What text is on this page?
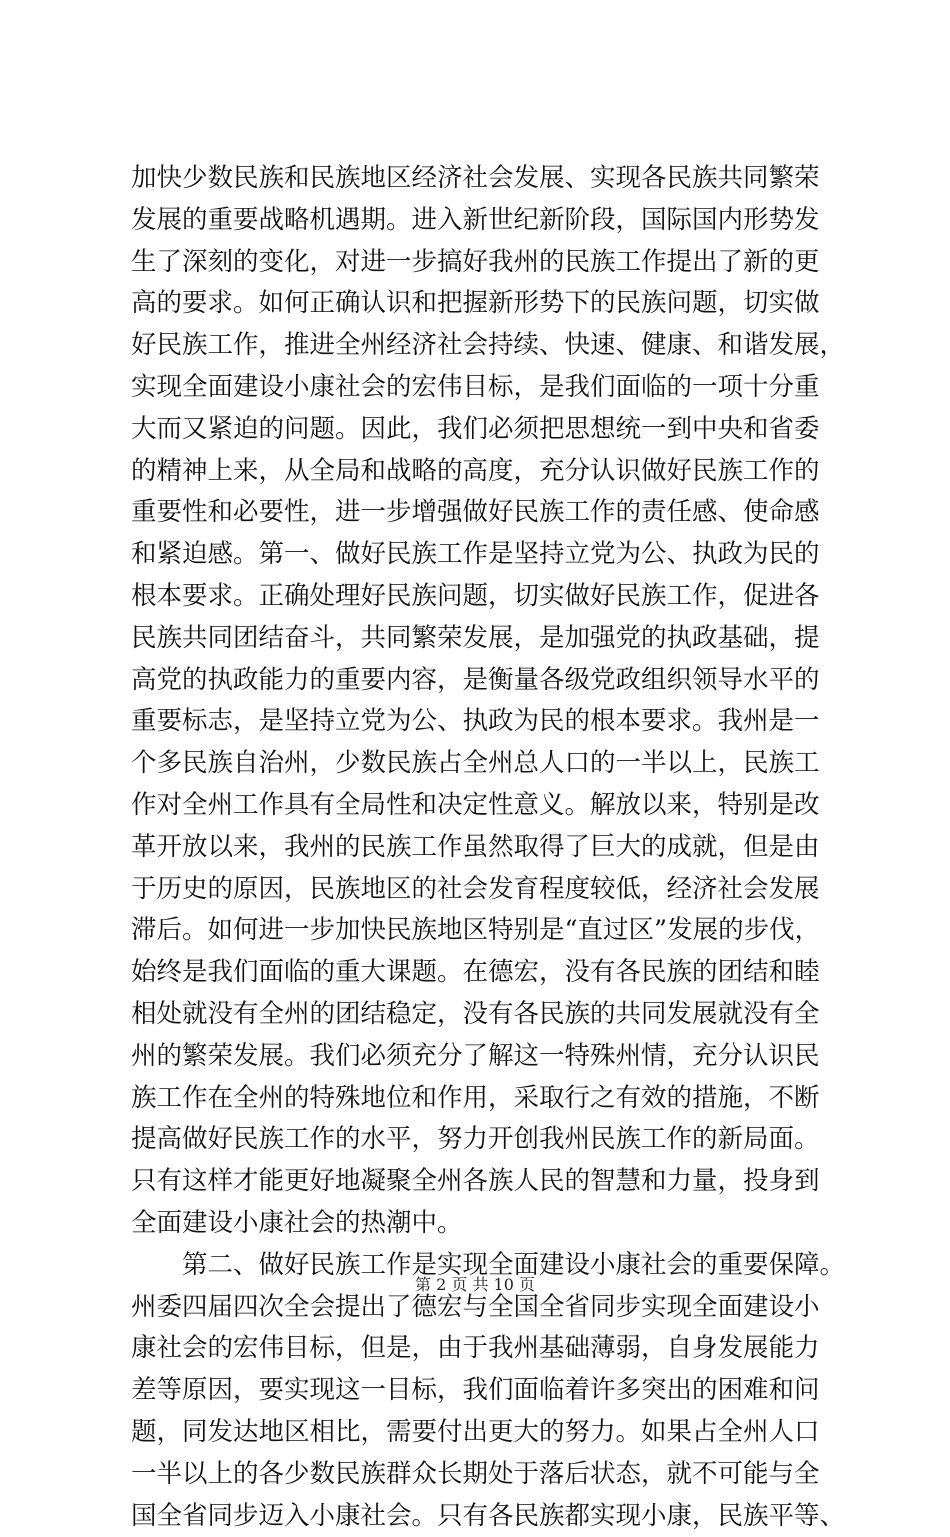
加快少数民族和民族地区经济社会发展、实现各民族共同繁荣
发展的重要战略机遇期。进入新世纪新阶段，国际国内形势发
生了深刻的变化，对进一步搞好我州的民族工作提出了新的更
高的要求。如何正确认识和把握新形势下的民族问题，切实做
好民族工作，推进全州经济社会持续、快速、健康、和谐发展，
实现全面建设小康社会的宏伟目标，是我们面临的一项十分重
大而又紧迫的问题。因此，我们必须把思想统一到中央和省委
的精神上来，从全局和战略的高度，充分认识做好民族工作的
重要性和必要性，进一步增强做好民族工作的责任感、使命感
和紧迫感。第一、做好民族工作是坚持立党为公、执政为民的
根本要求。正确处理好民族问题，切实做好民族工作，促进各
民族共同团结奋斗，共同繁荣发展，是加强党的执政基础，提
高党的执政能力的重要内容，是衡量各级党政组织领导水平的
重要标志，是坚持立党为公、执政为民的根本要求。我州是一
个多民族自治州，少数民族占全州总人口的一半以上，民族工
作对全州工作具有全局性和决定性意义。解放以来，特别是改
革开放以来，我州的民族工作虽然取得了巨大的成就，但是由
于历史的原因，民族地区的社会发育程度较低，经济社会发展
滞后。如何进一步加快民族地区特别是“直过区”发展的步伐，
始终是我们面临的重大课题。在德宏，没有各民族的团结和睦
相处就没有全州的团结稳定，没有各民族的共同发展就没有全
州的繁荣发展。我们必须充分了解这一特殊州情，充分认识民
族工作在全州的特殊地位和作用，采取行之有效的措施，不断
提高做好民族工作的水平，努力开创我州民族工作的新局面。
只有这样才能更好地凝聚全州各族人民的智慧和力量，投身到
全面建设小康社会的热潮中。
第二、做好民族工作是实现全面建设小康社会的重要保障。
州委四届四次全会提出了德宏与全国全省同步实现全面建设小
康社会的宏伟目标，但是，由于我州基础薄弱，自身发展能力
差等原因，要实现这一目标，我们面临着许多突出的困难和问
题，同发达地区相比，需要付出更大的努力。如果占全州人口
一半以上的各少数民族群众长期处于落后状态，就不可能与全
国全省同步迈入小康社会。只有各民族都实现小康，民族平等、
第 2 页 共 10 页
